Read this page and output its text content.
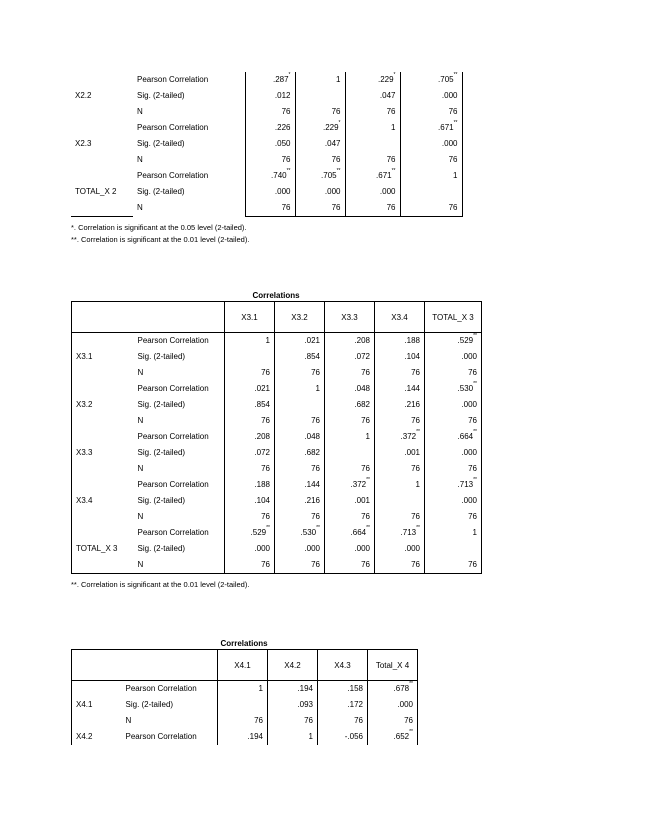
X2.2	Pearson Correlation	.287*	1	.229*	.705**
	Sig. (2-tailed)	.012		.047	.000
	N	76	76	76	76
X2.3	Pearson Correlation	.226	.229*	1	.671**
	Sig. (2-tailed)	.050	.047		.000
	N	76	76	76	76
TOTAL_X 2	Pearson Correlation	.740**	.705**	.671**	1
	Sig. (2-tailed)	.000	.000	.000	
	N	76	76	76	76

*. Correlation is significant at the 0.05 level (2-tailed).

**. Correlation is significant at the 0.01 level (2-tailed).

Correlations
		X3.1	X3.2	X3.3	X3.4	TOTAL_X 3
X3.1	Pearson Correlation	1	.021	.208	.188	.529**
	Sig. (2-tailed)		.854	.072	.104	.000
	N	76	76	76	76	76
X3.2	Pearson Correlation	.021	1	.048	.144	.530**
	Sig. (2-tailed)	.854		.682	.216	.000
	N	76	76	76	76	76
X3.3	Pearson Correlation	.208	.048	1	.372**	.664**
	Sig. (2-tailed)	.072	.682		.001	.000
	N	76	76	76	76	76
X3.4	Pearson Correlation	.188	.144	.372**	1	.713**
	Sig. (2-tailed)	.104	.216	.001		.000
	N	76	76	76	76	76
TOTAL_X 3	Pearson Correlation	.529**	.530**	.664**	.713**	1
	Sig. (2-tailed)	.000	.000	.000	.000	
	N	76	76	76	76	76

**. Correlation is significant at the 0.01 level (2-tailed).

Correlations
		X4.1	X4.2	X4.3	Total_X 4
X4.1	Pearson Correlation	1	.194	.158	.678**
	Sig. (2-tailed)		.093	.172	.000
	N	76	76	76	76
X4.2	Pearson Correlation	.194	1	-.056	.652**
